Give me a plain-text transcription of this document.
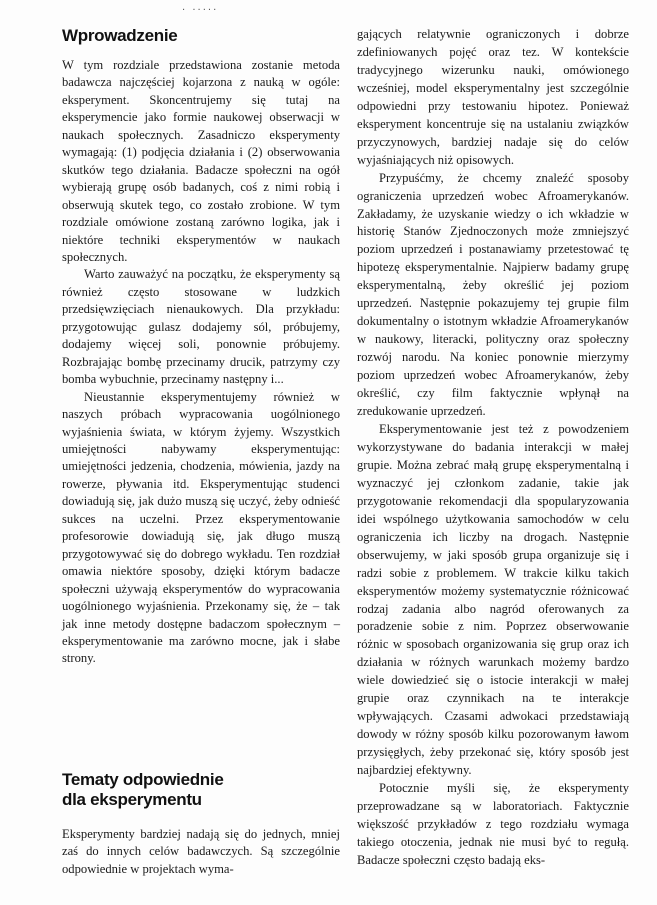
· ·····
Wprowadzenie

W tym rozdziale przedstawiona zostanie metoda badawcza najczęściej kojarzona z nauką w ogóle: eksperyment. Skoncentrujemy się tutaj na eksperymencie jako formie naukowej obserwacji w naukach społecznych. Zasadniczo eksperymenty wymagają: (1) podjęcia działania i (2) obserwowania skutków tego działania. Badacze społeczni na ogół wybierają grupę osób badanych, coś z nimi robią i obserwują skutek tego, co zostało zrobione. W tym rozdziale omówione zostaną zarówno logika, jak i niektóre techniki eksperymentów w naukach społecznych.

Warto zauważyć na początku, że eksperymenty są również często stosowane w ludzkich przedsięwzięciach nienaukowych. Dla przykładu: przygotowując gulasz dodajemy sól, próbujemy, dodajemy więcej soli, ponownie próbujemy. Rozbrajając bombę przecinamy drucik, patrzymy czy bomba wybuchnie, przecinamy następny i...

Nieustannie eksperymentujemy również w naszych próbach wypracowania uogólnionego wyjaśnienia świata, w którym żyjemy. Wszystkich umiejętności nabywamy eksperymentując: umiejętności jedzenia, chodzenia, mówienia, jazdy na rowerze, pływania itd. Eksperymentując studenci dowiadują się, jak dużo muszą się uczyć, żeby odnieść sukces na uczelni. Przez eksperymentowanie profesorowie dowiadują się, jak długo muszą przygotowywać się do dobrego wykładu. Ten rozdział omawia niektóre sposoby, dzięki którym badacze społeczni używają eksperymentów do wypracowania uogólnionego wyjaśnienia. Przekonamy się, że – tak jak inne metody dostępne badaczom społecznym – eksperymentowanie ma zarówno mocne, jak i słabe strony.

Tematy odpowiednie
dla eksperymentu

Eksperymenty bardziej nadają się do jednych, mniej zaś do innych celów badawczych. Są szczególnie odpowiednie w projektach wyma-

gających relatywnie ograniczonych i dobrze zdefiniowanych pojęć oraz tez. W kontekście tradycyjnego wizerunku nauki, omówionego wcześniej, model eksperymentalny jest szczególnie odpowiedni przy testowaniu hipotez. Ponieważ eksperyment koncentruje się na ustalaniu związków przyczynowych, bardziej nadaje się do celów wyjaśniających niż opisowych.

Przypuśćmy, że chcemy znaleźć sposoby ograniczenia uprzedzeń wobec Afroamerykanów. Zakładamy, że uzyskanie wiedzy o ich wkładzie w historię Stanów Zjednoczonych może zmniejszyć poziom uprzedzeń i postanawiamy przetestować tę hipotezę eksperymentalnie. Najpierw badamy grupę eksperymentalną, żeby określić jej poziom uprzedzeń. Następnie pokazujemy tej grupie film dokumentalny o istotnym wkładzie Afroamerykanów w naukowy, literacki, polityczny oraz społeczny rozwój narodu. Na koniec ponownie mierzymy poziom uprzedzeń wobec Afroamerykanów, żeby określić, czy film faktycznie wpłynął na zredukowanie uprzedzeń.

Eksperymentowanie jest też z powodzeniem wykorzystywane do badania interakcji w małej grupie. Można zebrać małą grupę eksperymentalną i wyznaczyć jej członkom zadanie, takie jak przygotowanie rekomendacji dla spopularyzowania idei wspólnego użytkowania samochodów w celu ograniczenia ich liczby na drogach. Następnie obserwujemy, w jaki sposób grupa organizuje się i radzi sobie z problemem. W trakcie kilku takich eksperymentów możemy systematycznie różnicować rodzaj zadania albo nagród oferowanych za poradzenie sobie z nim. Poprzez obserwowanie różnic w sposobach organizowania się grup oraz ich działania w różnych warunkach możemy bardzo wiele dowiedzieć się o istocie interakcji w małej grupie oraz czynnikach na te interakcje wpływających. Czasami adwokaci przedstawiają dowody w różny sposób kilku pozorowanym ławom przysięgłych, żeby przekonać się, który sposób jest najbardziej efektywny.

Potocznie myśli się, że eksperymenty przeprowadzane są w laboratoriach. Faktycznie większość przykładów z tego rozdziału wymaga takiego otoczenia, jednak nie musi być to regułą. Badacze społeczni często badają eks-
